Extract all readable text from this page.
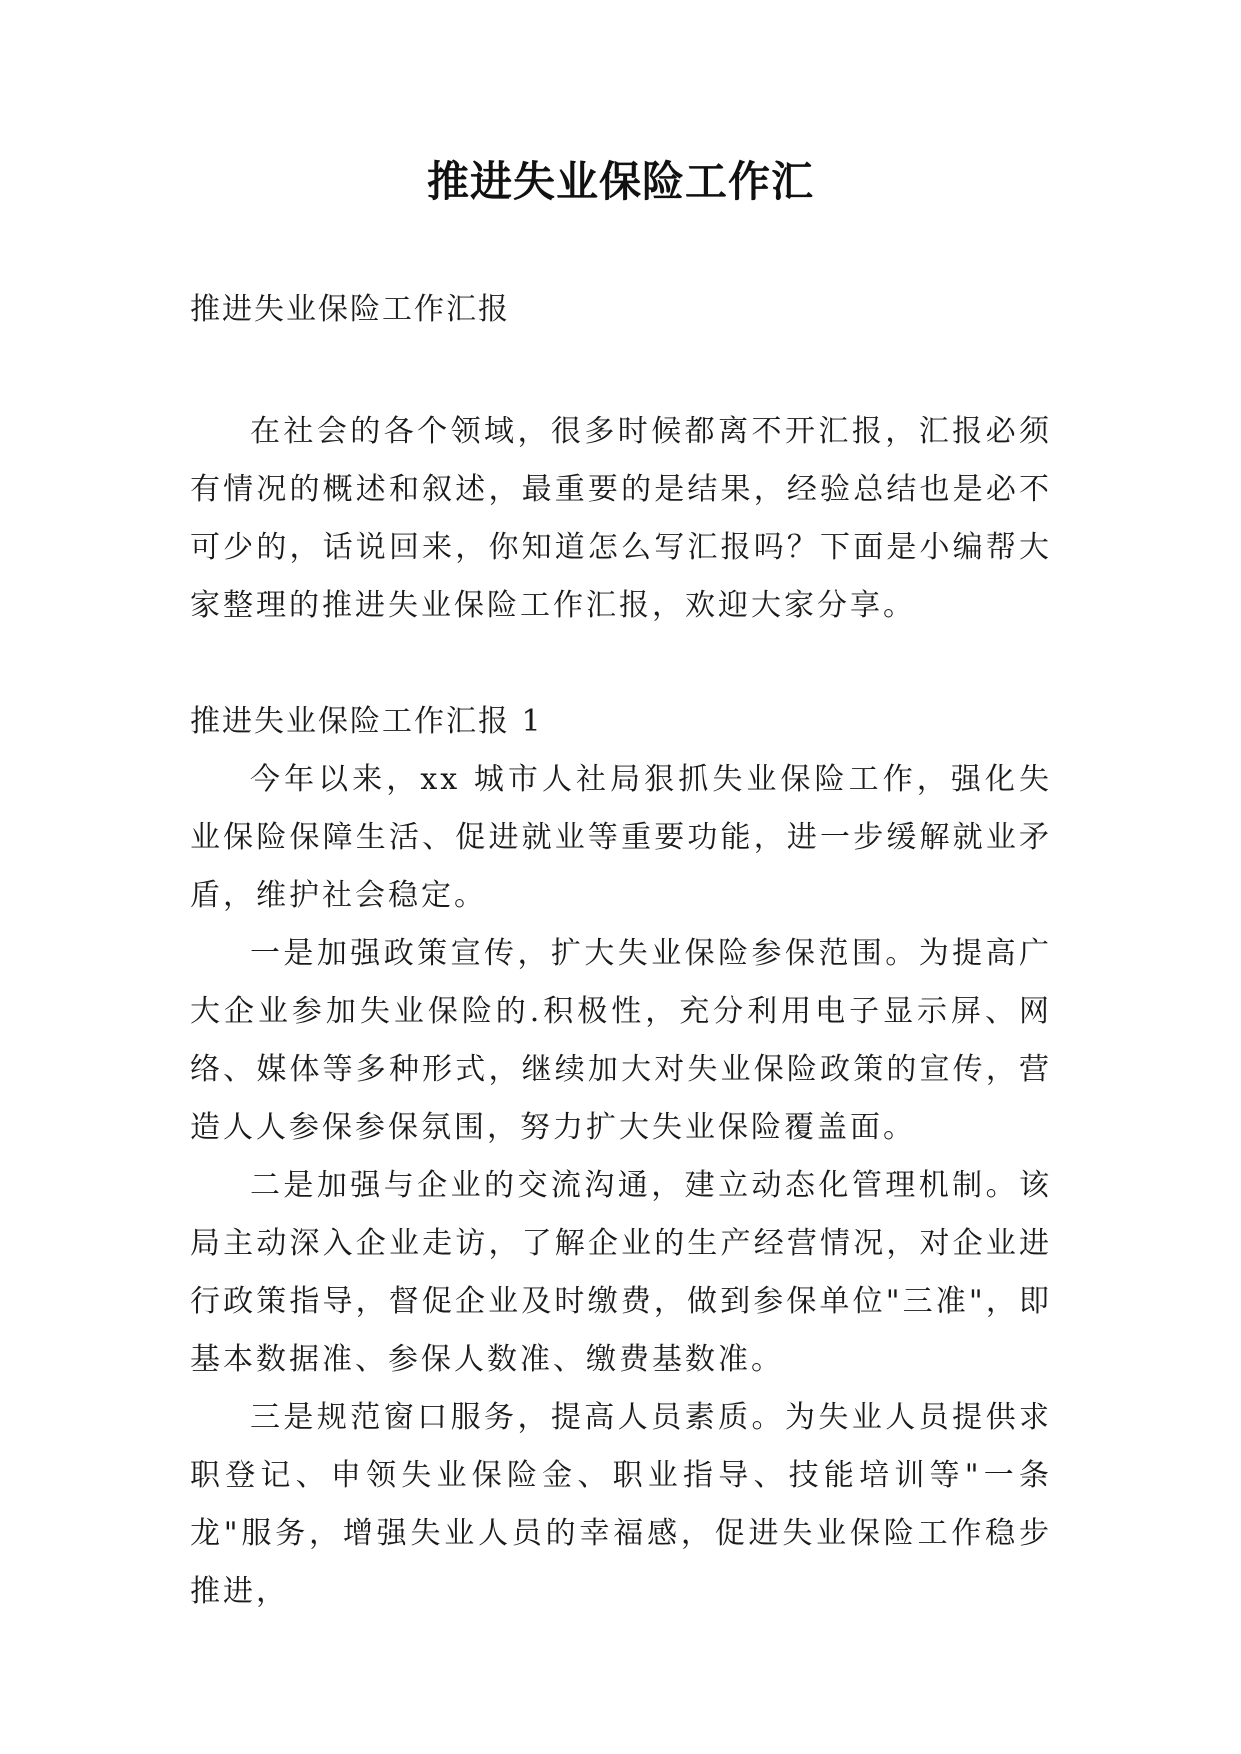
推进失业保险工作汇

推进失业保险工作汇报

在社会的各个领域，很多时候都离不开汇报，汇报必须有情况的概述和叙述，最重要的是结果，经验总结也是必不可少的，话说回来，你知道怎么写汇报吗？下面是小编帮大家整理的推进失业保险工作汇报，欢迎大家分享。

推进失业保险工作汇报 1

今年以来，xx 城市人社局狠抓失业保险工作，强化失业保险保障生活、促进就业等重要功能，进一步缓解就业矛盾，维护社会稳定。

一是加强政策宣传，扩大失业保险参保范围。为提高广大企业参加失业保险的.积极性，充分利用电子显示屏、网络、媒体等多种形式，继续加大对失业保险政策的宣传，营造人人参保参保氛围，努力扩大失业保险覆盖面。

二是加强与企业的交流沟通，建立动态化管理机制。该局主动深入企业走访，了解企业的生产经营情况，对企业进行政策指导，督促企业及时缴费，做到参保单位"三准"，即基本数据准、参保人数准、缴费基数准。

三是规范窗口服务，提高人员素质。为失业人员提供求职登记、申领失业保险金、职业指导、技能培训等"一条龙"服务，增强失业人员的幸福感，促进失业保险工作稳步推进，
